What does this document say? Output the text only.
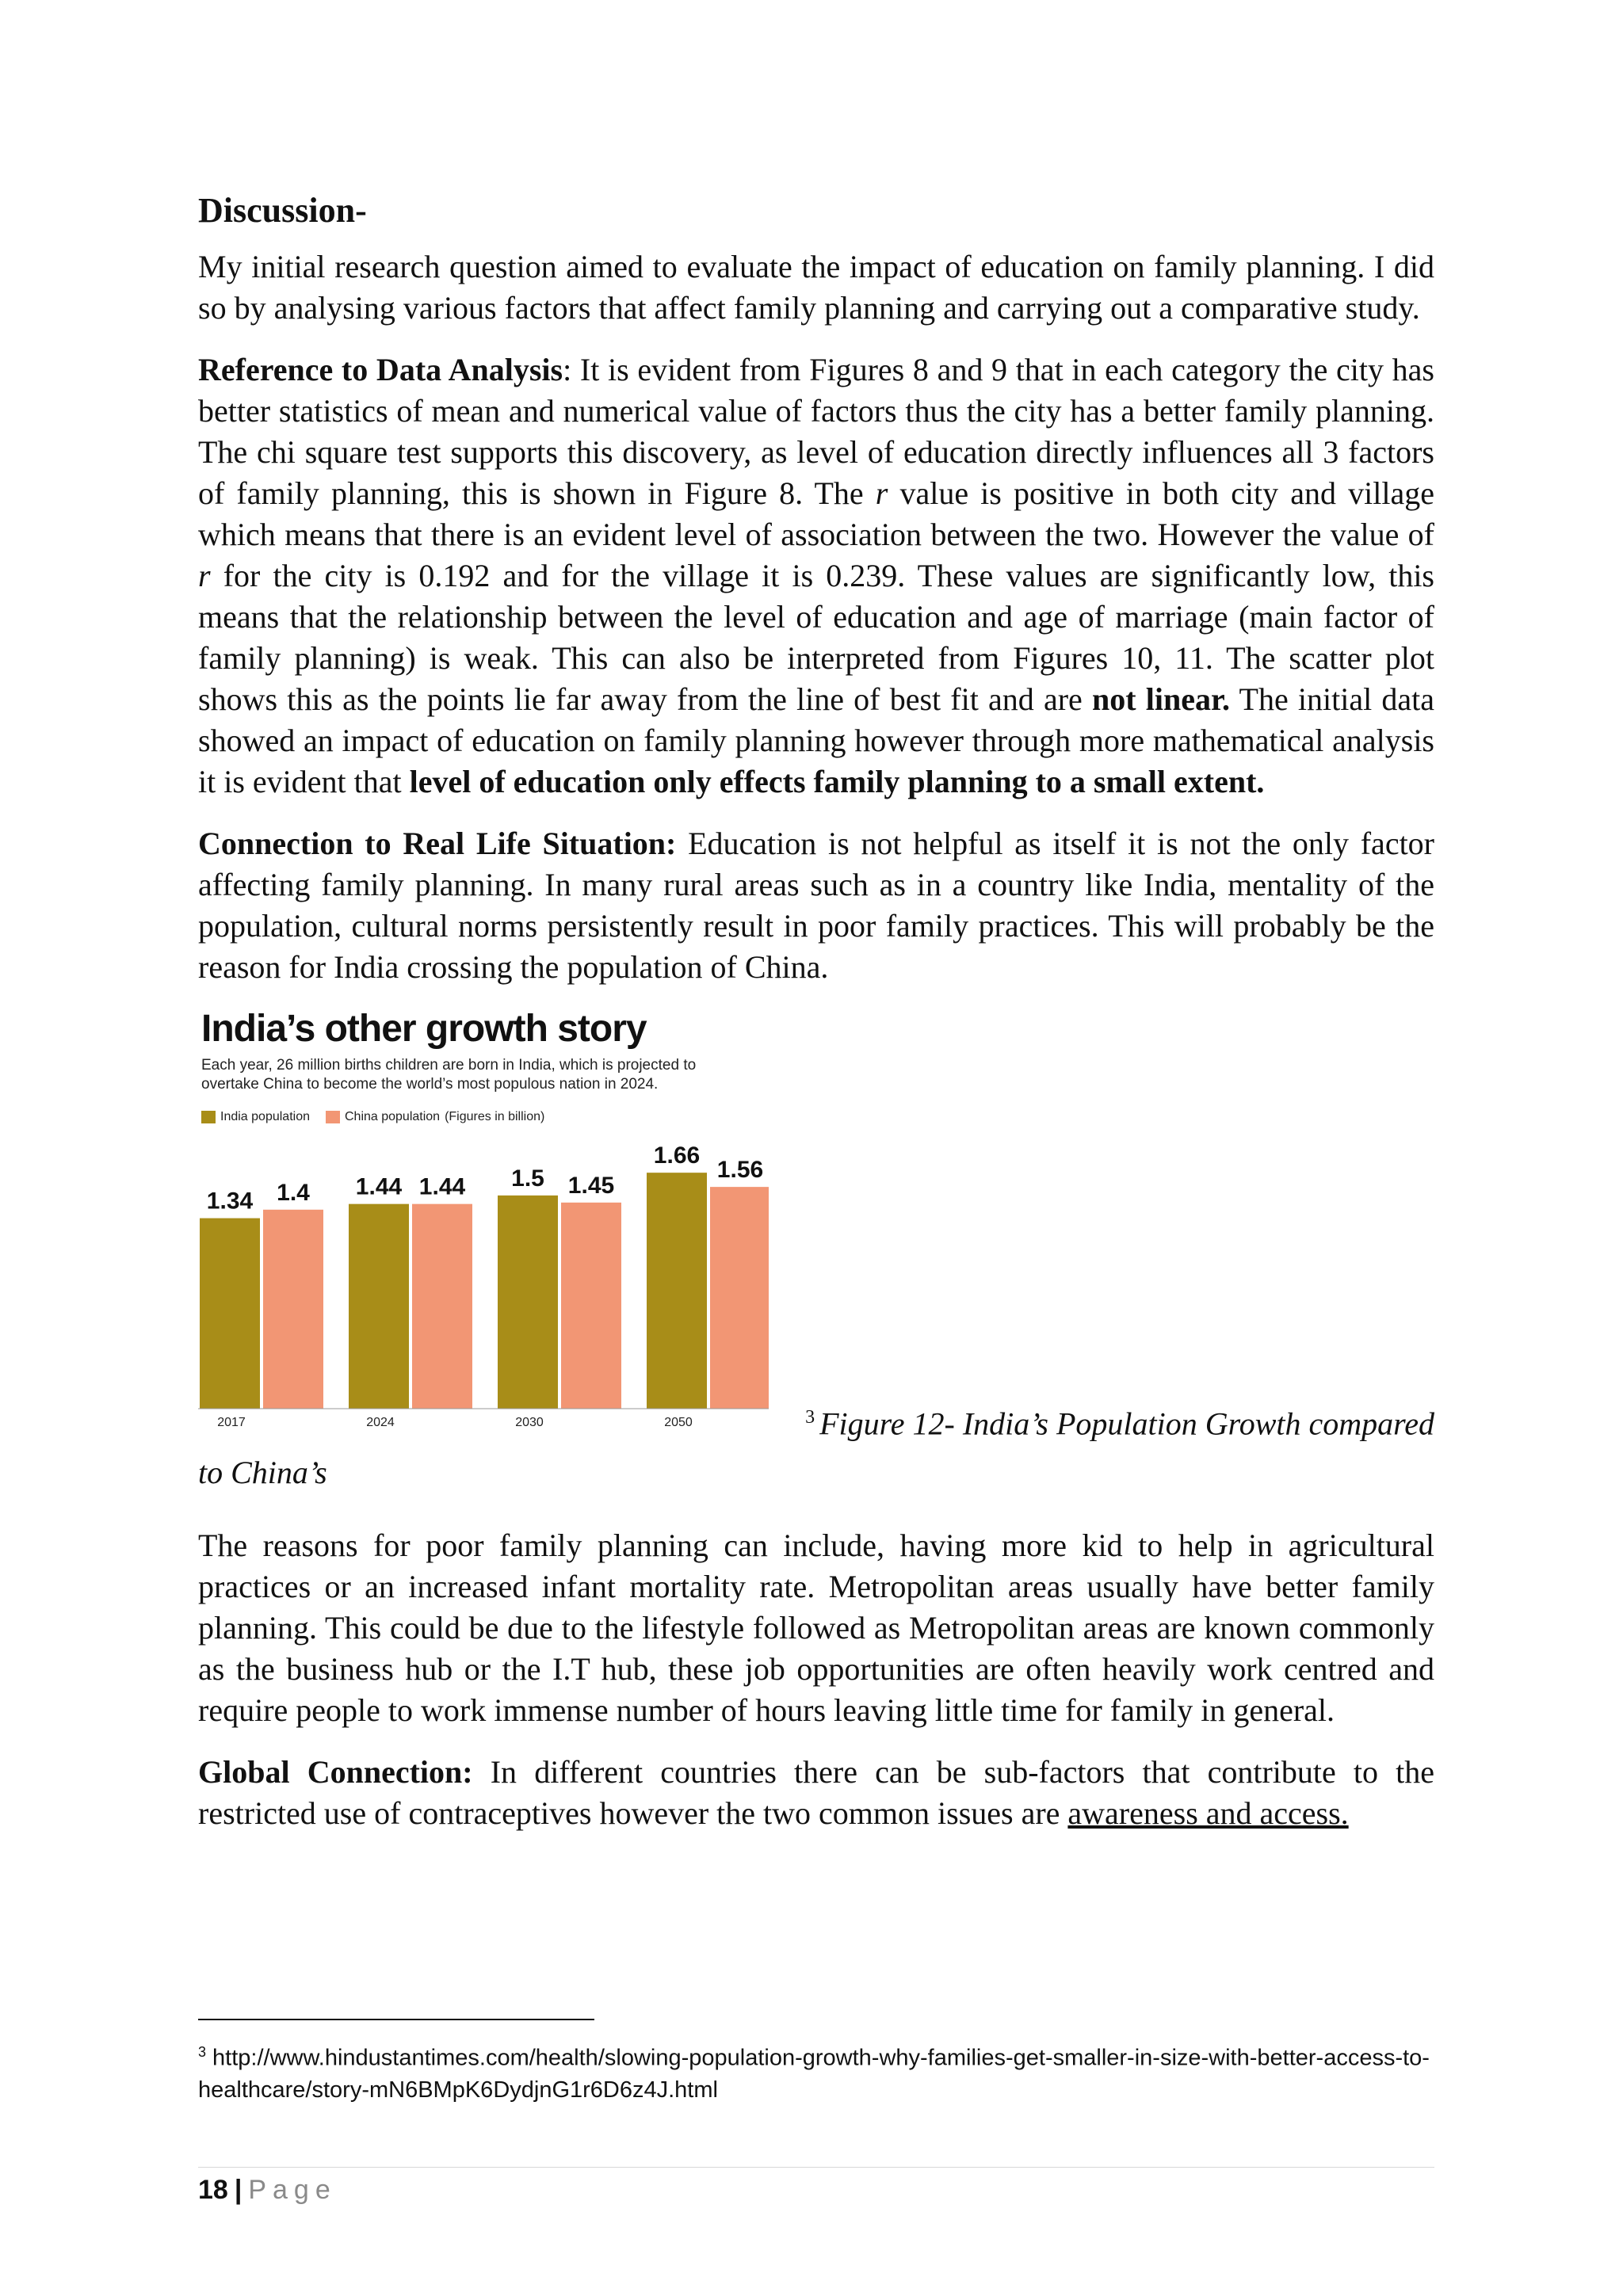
Discussion-

My initial research question aimed to evaluate the impact of education on family planning. I did so by analysing various factors that affect family planning and carrying out a comparative study.

Reference to Data Analysis: It is evident from Figures 8 and 9 that in each category the city has better statistics of mean and numerical value of factors thus the city has a better family planning. The chi square test supports this discovery, as level of education directly influences all 3 factors of family planning, this is shown in Figure 8. The r value is positive in both city and village which means that there is an evident level of association between the two. However the value of r for the city is 0.192 and for the village it is 0.239. These values are significantly low, this means that the relationship between the level of education and age of marriage (main factor of family planning) is weak. This can also be interpreted from Figures 10, 11. The scatter plot shows this as the points lie far away from the line of best fit and are not linear. The initial data showed an impact of education on family planning however through more mathematical analysis it is evident that level of education only effects family planning to a small extent.

Connection to Real Life Situation: Education is not helpful as itself it is not the only factor affecting family planning. In many rural areas such as in a country like India, mentality of the population, cultural norms persistently result in poor family practices. This will probably be the reason for India crossing the population of China.

India’s other growth story
Each year, 26 million births children are born in India, which is projected to overtake China to become the world’s most populous nation in 2024.
India population	China population (Figures in billion)
1.34 1.4
2017
1.44 1.44
2024
1.5 1.45
2030
1.66
1.56
2050	$^3$ Figure 12- India’s Population Growth compared

to China’s

The reasons for poor family planning can include, having more kid to help in agricultural practices or an increased infant mortality rate. Metropolitan areas usually have better family planning. This could be due to the lifestyle followed as Metropolitan areas are known commonly as the business hub or the I.T hub, these job opportunities are often heavily work centred and require people to work immense number of hours leaving little time for family in general.

Global Connection: In different countries there can be sub-factors that contribute to the restricted use of contraceptives however the two common issues are awareness and access.

$^3$ http://www.hindustantimes.com/health/slowing-population-growth-why-families-get-smaller-in-size-with-better-access-to-healthcare/story-mN6BMpK6DydjnG1r6D6z4J.html
18 | Page
